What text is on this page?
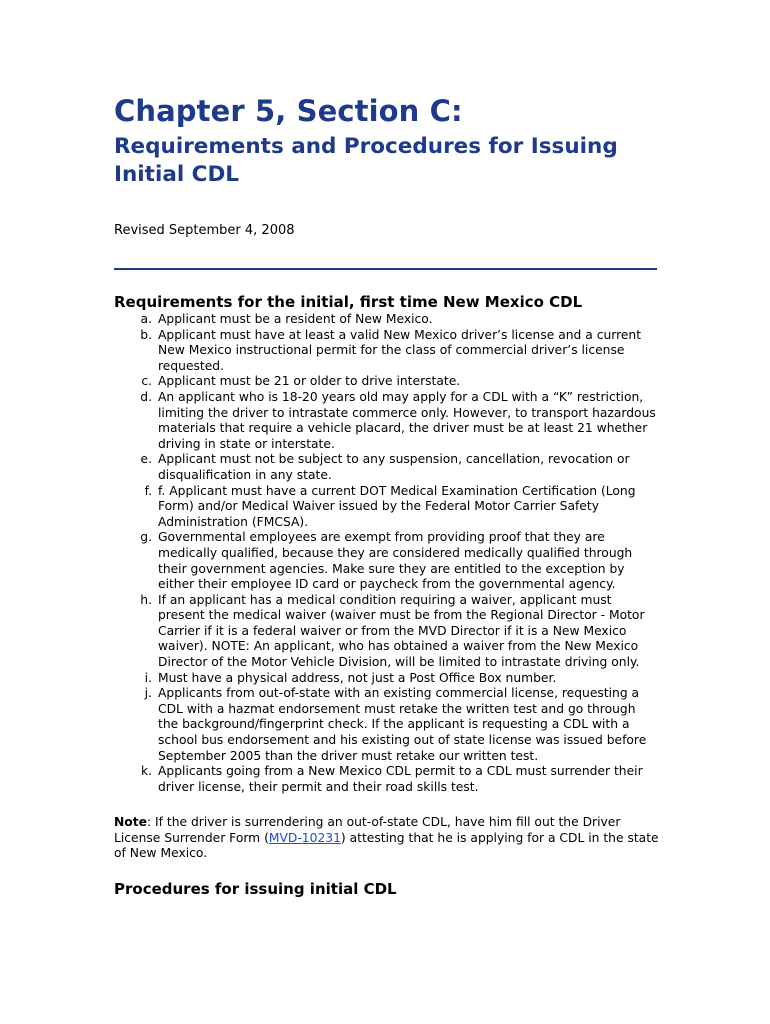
Chapter 5, Section C:
Requirements and Procedures for Issuing Initial CDL
Revised September 4, 2008
Requirements for the initial, first time New Mexico CDL
a. Applicant must be a resident of New Mexico.
b. Applicant must have at least a valid New Mexico driver’s license and a current New Mexico instructional permit for the class of commercial driver’s license requested.
c. Applicant must be 21 or older to drive interstate.
d. An applicant who is 18-20 years old may apply for a CDL with a “K” restriction, limiting the driver to intrastate commerce only. However, to transport hazardous materials that require a vehicle placard, the driver must be at least 21 whether driving in state or interstate.
e. Applicant must not be subject to any suspension, cancellation, revocation or disqualification in any state.
f. f. Applicant must have a current DOT Medical Examination Certification (Long Form) and/or Medical Waiver issued by the Federal Motor Carrier Safety Administration (FMCSA).
g. Governmental employees are exempt from providing proof that they are medically qualified, because they are considered medically qualified through their government agencies. Make sure they are entitled to the exception by either their employee ID card or paycheck from the governmental agency.
h. If an applicant has a medical condition requiring a waiver, applicant must present the medical waiver (waiver must be from the Regional Director - Motor Carrier if it is a federal waiver or from the MVD Director if it is a New Mexico waiver). NOTE: An applicant, who has obtained a waiver from the New Mexico Director of the Motor Vehicle Division, will be limited to intrastate driving only.
i. Must have a physical address, not just a Post Office Box number.
j. Applicants from out-of-state with an existing commercial license, requesting a CDL with a hazmat endorsement must retake the written test and go through the background/fingerprint check. If the applicant is requesting a CDL with a school bus endorsement and his existing out of state license was issued before September 2005 than the driver must retake our written test.
k. Applicants going from a New Mexico CDL permit to a CDL must surrender their driver license, their permit and their road skills test.

Note: If the driver is surrendering an out-of-state CDL, have him fill out the Driver License Surrender Form (MVD-10231) attesting that he is applying for a CDL in the state of New Mexico.

Procedures for issuing initial CDL
